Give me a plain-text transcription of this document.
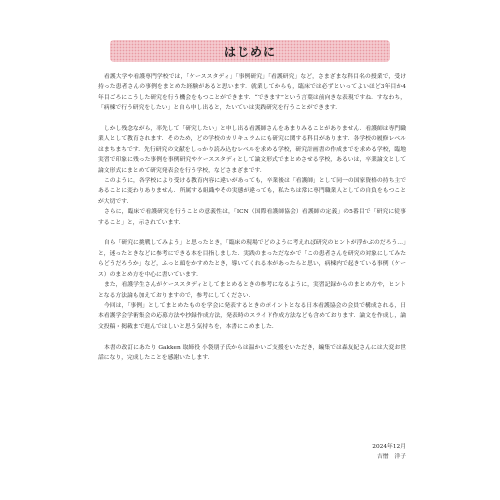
はじめに

看護大学や看護専門学校では，「ケーススタディ」「事例研究」「看護研究」など，さまざまな科目名の授業で，受け持った患者さんの事例をまとめた経験があると思います．就業してからも，臨床では必ずといってよいほど3年目か4年目ごろにこうした研究を行う機会をもつことができます．“できます”という言葉は前向きな表現ですね．すなわち，「病棟で行う研究をしたい」と自ら申し出ると，たいていは実践研究を行うことができます．

しかし残念ながら，率先して「研究したい」と申し出る看護師さんをあまりみることがありません．看護師は専門職業人として教育されます．そのため，どの学校のカリキュラムにも研究に関する科目があります．各学校の履修レベルはまちまちです．先行研究の文献をしっかり読み込むレベルを求める学校，研究計画書の作成までを求める学校，臨地実習で印象に残った事例を事例研究やケーススタディとして論文形式でまとめさせる学校，あるいは，卒業論文として論文形式にまとめて研究発表会を行う学校，などさまざまです．

このように，各学校により受ける教育内容に違いがあっても，卒業後は「看護師」として同一の国家資格の持ち主であることに変わりありません．所属する組織やその実態が違っても，私たちは常に専門職業人としての自負をもつことが大切です．

さらに，臨床で看護研究を行うことの意義性は，「ICN（国際看護師協会）看護師の定義」の5番目で「研究に従事すること」と，示されています．

自ら「研究に挑戦してみよう」と思ったとき，「臨床の現場でどのように考えれば研究のヒントが浮かぶのだろう…」と，迷ったときなどに参考にできる本を目指しました．実践のまっただなかで「この患者さんを研究の対象にしてみたらどうだろうか」など，ふっと頭をかすめたとき，導いてくれる本があったらと思い，病棟内で起きている事例（ケース）のまとめ方を中心に書いています．

また，看護学生さんがケーススタディとしてまとめるときの参考になるように，実習記録からのまとめ方や，ヒントとなる方法論も加えておりますので，参考にしてください．

今回は，「事例」としてまとめたものを学会に発表するときのポイントとなる日本看護協会の会員で構成される，日本看護学会学術集会の応募方法や抄録作成方法，発表時のスライド作成方法なども含めております．論文を作成し，論文投稿・掲載まで進んではしいと思う気持ちを，本書にこめました．

本書の改訂にあたり Gakken 取締役 小袋朋子氏からは温かいご支援をいただき，編集では森友紀さんには大変お世話になり，完成したことを感謝いたします．

2024年12月
吉憎　洋子
